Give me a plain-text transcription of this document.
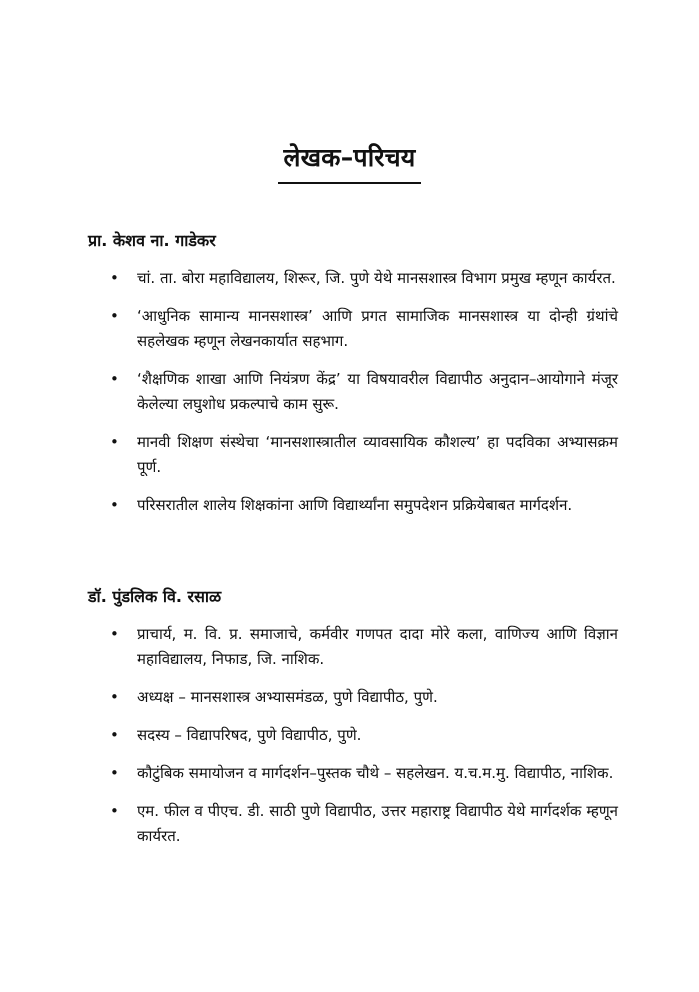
लेखक–परिचय
प्रा. केशव ना. गाडेकर
• चां. ता. बोरा महाविद्यालय, शिरूर, जि. पुणे येथे मानसशास्त्र विभाग प्रमुख म्हणून कार्यरत.
• ‘आधुनिक सामान्य मानसशास्त्र’ आणि प्रगत सामाजिक मानसशास्त्र या दोन्ही ग्रंथांचे सहलेखक म्हणून लेखनकार्यात सहभाग.
• ‘शैक्षणिक शाखा आणि नियंत्रण केंद्र’ या विषयावरील विद्यापीठ अनुदान–आयोगाने मंजूर केलेल्या लघुशोध प्रकल्पाचे काम सुरू.
• मानवी शिक्षण संस्थेचा ‘मानसशास्त्रातील व्यावसायिक कौशल्य’ हा पदविका अभ्यासक्रम पूर्ण.
• परिसरातील शालेय शिक्षकांना आणि विद्यार्थ्यांना समुपदेशन प्रक्रियेबाबत मार्गदर्शन.
डॉ. पुंडलिक वि. रसाळ
• प्राचार्य, म. वि. प्र. समाजाचे, कर्मवीर गणपत दादा मोरे कला, वाणिज्य आणि विज्ञान महाविद्यालय, निफाड, जि. नाशिक.
• अध्यक्ष – मानसशास्त्र अभ्यासमंडळ, पुणे विद्यापीठ, पुणे.
• सदस्य – विद्यापरिषद, पुणे विद्यापीठ, पुणे.
• कौटुंबिक समायोजन व मार्गदर्शन–पुस्तक चौथे – सहलेखन. य.च.म.मु. विद्यापीठ, नाशिक.
• एम. फील व पीएच. डी. साठी पुणे विद्यापीठ, उत्तर महाराष्ट्र विद्यापीठ येथे मार्गदर्शक म्हणून कार्यरत.
